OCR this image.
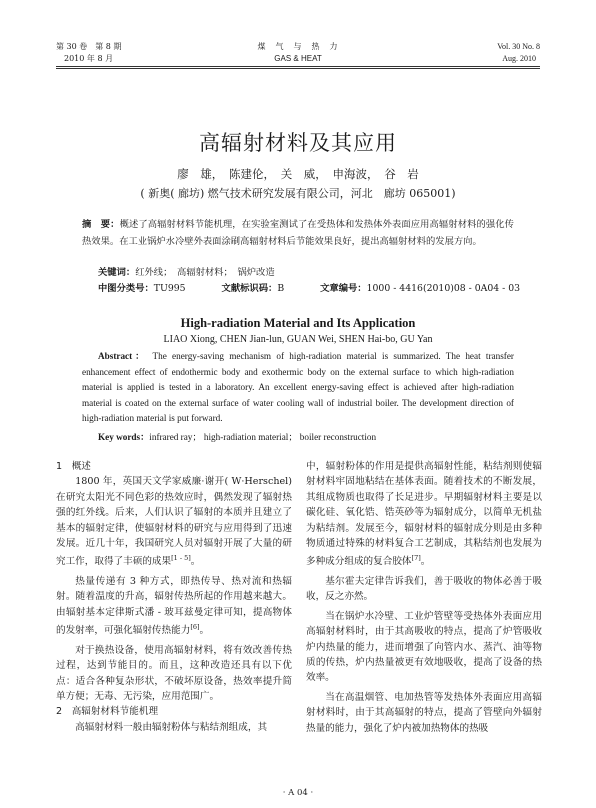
第 30 卷　第 8 期
2010 年 8 月
煤　气　与　热　力
GAS & HEAT
Vol. 30 No. 8
Aug. 2010
高辐射材料及其应用
廖　雄，　陈建伦，　关　威，　申海波，　谷　岩
( 新奥( 廊坊) 燃气技术研究发展有限公司，河北　廊坊 065001)
摘　要：概述了高辐射材料节能机理，在实验室测试了在受热体和发热体外表面应用高辐射材料的强化传热效果。在工业锅炉水冷壁外表面涂刷高辐射材料后节能效果良好，提出高辐射材料的发展方向。
关键词：红外线；　高辐射材料；　锅炉改造
中图分类号：TU995	文献标识码：B	文章编号：1000 - 4416(2010)08 - 0A04 - 03
High-radiation Material and Its Application
LIAO Xiong, CHEN Jian-lun, GUAN Wei, SHEN Hai-bo, GU Yan
Abstract： The energy-saving mechanism of high-radiation material is summarized. The heat transfer enhancement effect of endothermic body and exothermic body on the external surface to which high-radiation material is applied is tested in a laboratory. An excellent energy-saving effect is achieved after high-radiation material is coated on the external surface of water cooling wall of industrial boiler. The development direction of high-radiation material is put forward.
Key words：infrared ray； high-radiation material； boiler reconstruction

1　概述

1800 年，英国天文学家威廉·谢开( W·Herschel) 在研究太阳光不同色彩的热效应时，偶然发现了辐射热强的红外线。后来，人们认识了辐射的本质并且建立了基本的辐射定律，使辐射材料的研究与应用得到了迅速发展。近几十年，我国研究人员对辐射开展了大量的研究工作，取得了丰硕的成果[1 - 5]。

热量传递有 3 种方式，即热传导、热对流和热辐射。随着温度的升高，辐射传热所起的作用越来越大。由辐射基本定律斯式潘 - 玻耳兹曼定律可知，提高物体的发射率，可强化辐射传热能力[6]。

对于换热设备，使用高辐射材料，将有效改善传热过程，达到节能目的。而且，这种改造还具有以下优点：适合各种复杂形状，不破坏原设备，热效率提升简单方便；无毒、无污染，应用范围广。

2　高辐射材料节能机理

高辐射材料一般由辐射粉体与粘结剂组成，其

中，辐射粉体的作用是提供高辐射性能，粘结剂则使辐射材料牢固地粘结在基体表面。随着技术的不断发展，其组成物质也取得了长足进步。早期辐射材料主要是以碳化硅、氧化锆、锆英砂等为辐射成分，以简单无机盐为粘结剂。发展至今，辐射材料的辐射成分则是由多种物质通过特殊的材料复合工艺制成，其粘结剂也发展为多种成分组成的复合胶体[7]。

基尔霍夫定律告诉我们，善于吸收的物体必善于吸收，反之亦然。

当在锅炉水冷壁、工业炉管壁等受热体外表面应用高辐射材料时，由于其高吸收的特点，提高了炉管吸收炉内热量的能力，进而增强了向管内水、蒸汽、油等物质的传热，炉内热量被更有效地吸收，提高了设备的热效率。

当在高温烟管、电加热管等发热体外表面应用高辐射材料时，由于其高辐射的特点，提高了管壁向外辐射热量的能力，强化了炉内被加热物体的热吸

· A 04 ·
